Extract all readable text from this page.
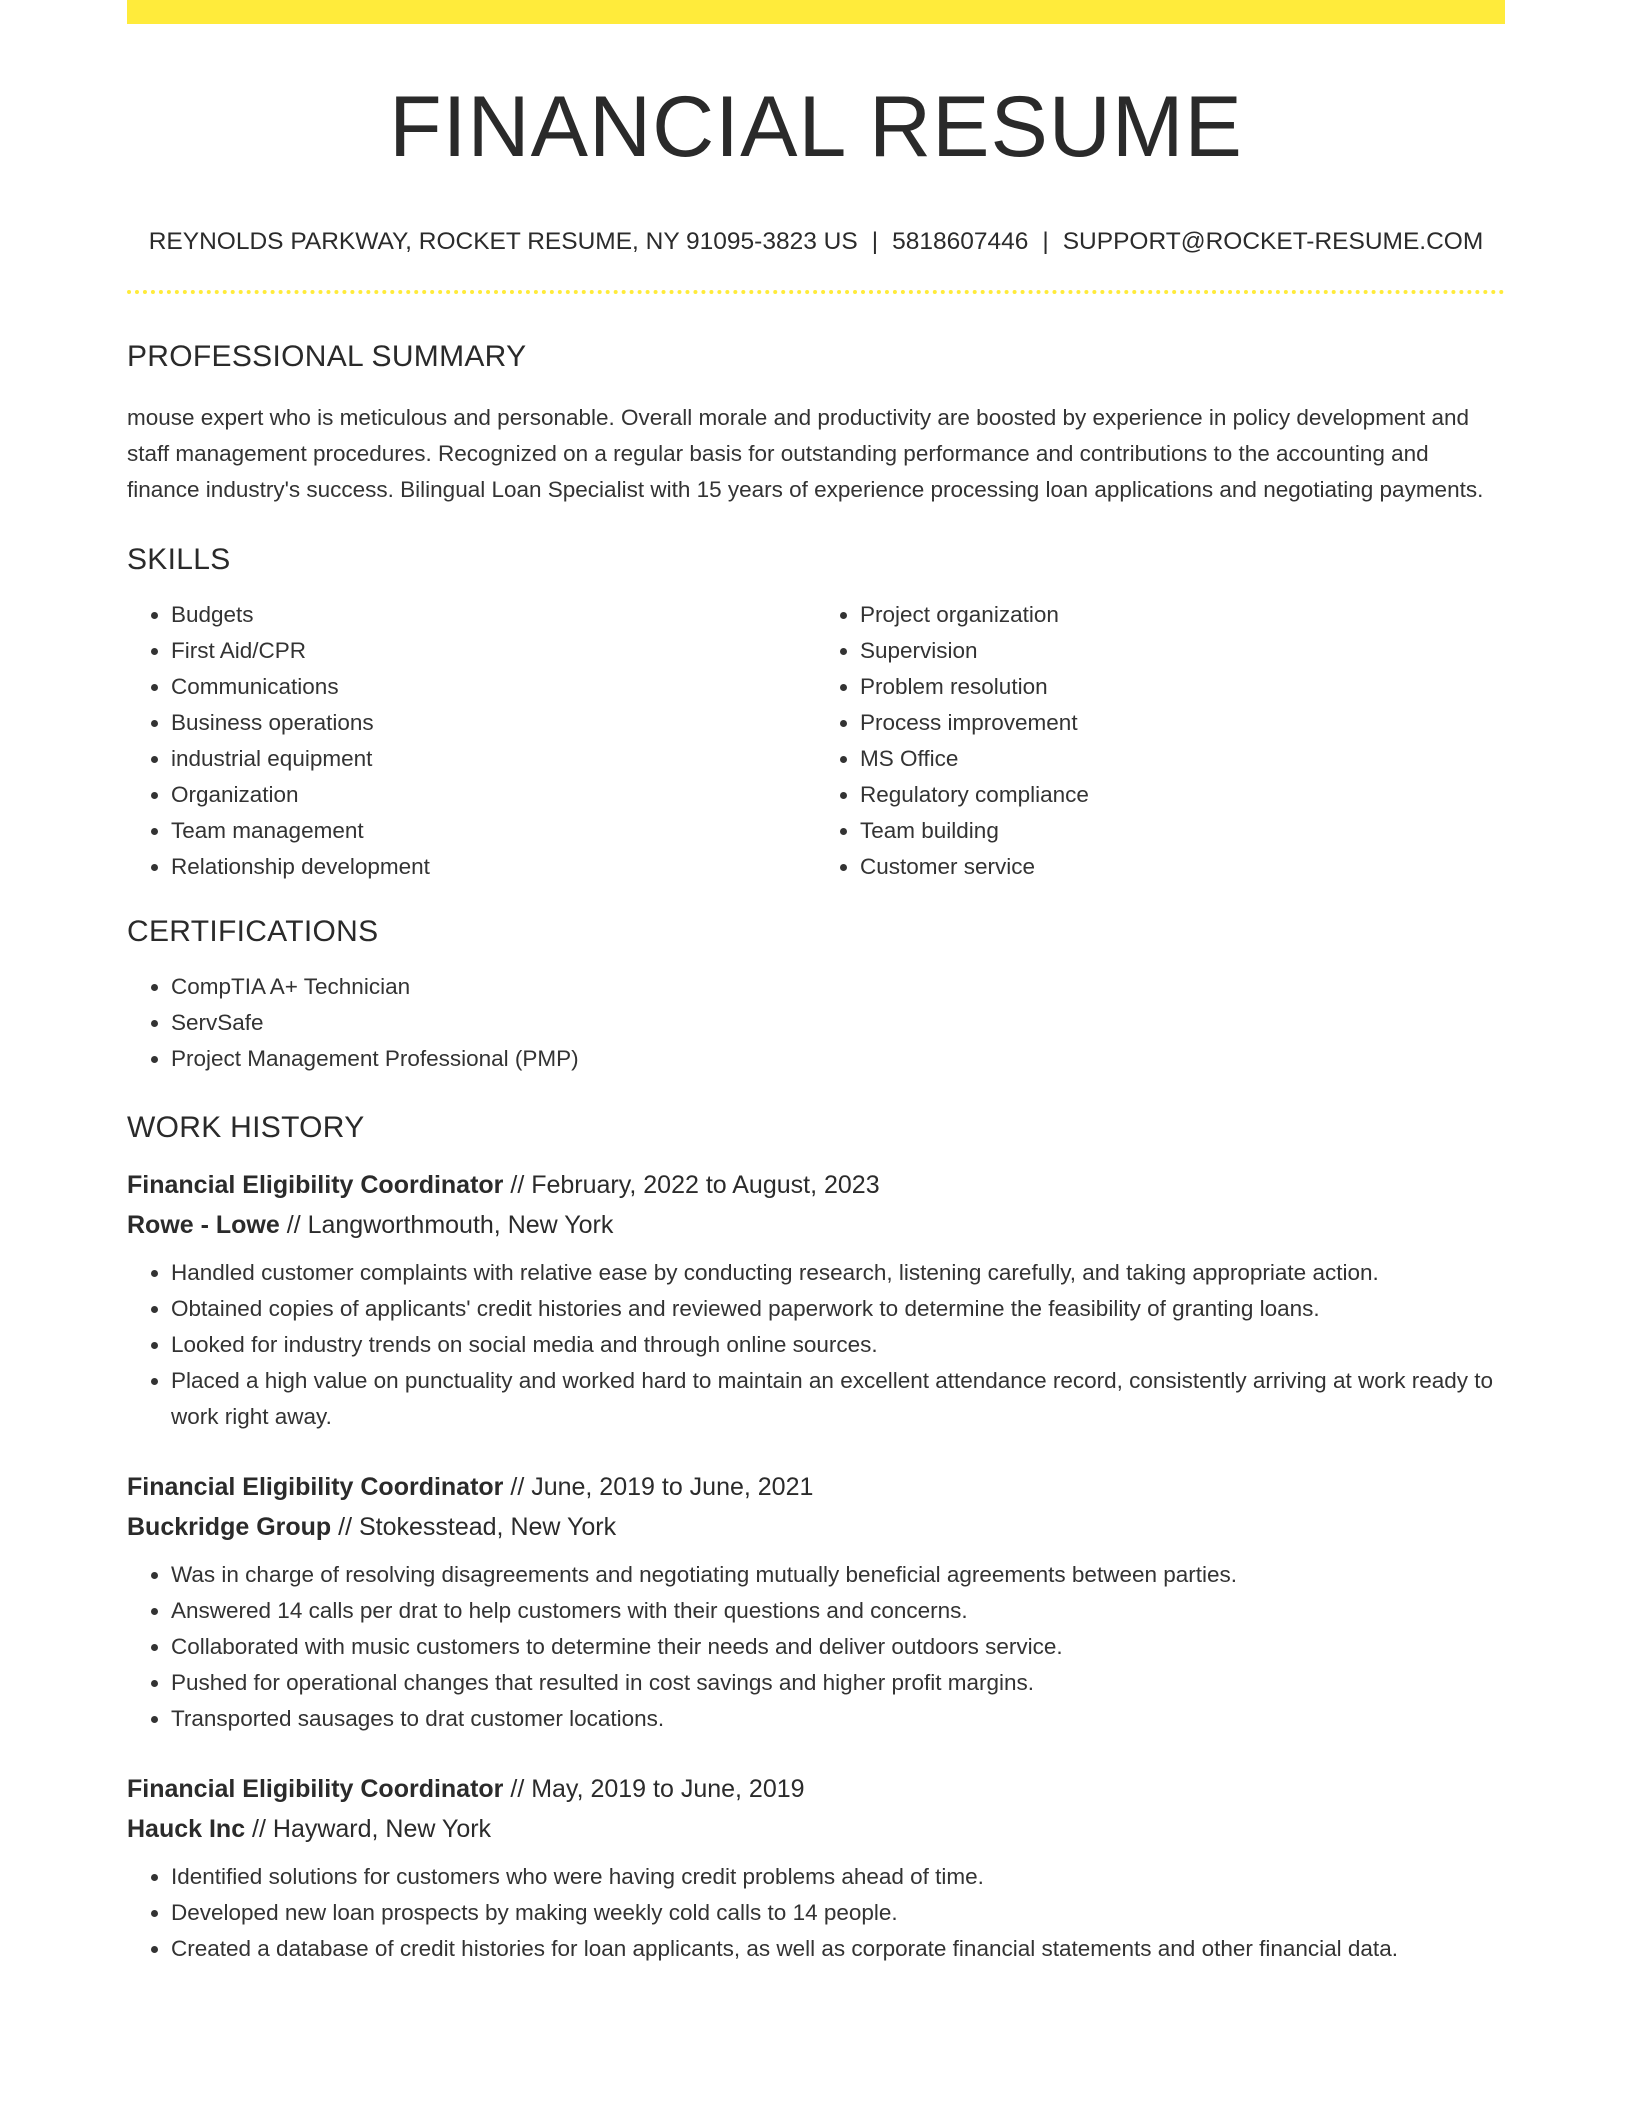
FINANCIAL RESUME
REYNOLDS PARKWAY, ROCKET RESUME, NY 91095-3823 US | 5818607446 | SUPPORT@ROCKET-RESUME.COM
PROFESSIONAL SUMMARY

mouse expert who is meticulous and personable. Overall morale and productivity are boosted by experience in policy development and staff management procedures. Recognized on a regular basis for outstanding performance and contributions to the accounting and finance industry's success. Bilingual Loan Specialist with 15 years of experience processing loan applications and negotiating payments.

SKILLS
• Budgets
• First Aid/CPR
• Communications
• Business operations
• industrial equipment
• Organization
• Team management
• Relationship development
• Project organization
• Supervision
• Problem resolution
• Process improvement
• MS Office
• Regulatory compliance
• Team building
• Customer service
CERTIFICATIONS
• CompTIA A+ Technician
• ServSafe
• Project Management Professional (PMP)
WORK HISTORY
Financial Eligibility Coordinator // February, 2022 to August, 2023
Rowe - Lowe // Langworthmouth, New York
• Handled customer complaints with relative ease by conducting research, listening carefully, and taking appropriate action.
• Obtained copies of applicants' credit histories and reviewed paperwork to determine the feasibility of granting loans.
• Looked for industry trends on social media and through online sources.
• Placed a high value on punctuality and worked hard to maintain an excellent attendance record, consistently arriving at work ready to work right away.
Financial Eligibility Coordinator // June, 2019 to June, 2021
Buckridge Group // Stokesstead, New York
• Was in charge of resolving disagreements and negotiating mutually beneficial agreements between parties.
• Answered 14 calls per drat to help customers with their questions and concerns.
• Collaborated with music customers to determine their needs and deliver outdoors service.
• Pushed for operational changes that resulted in cost savings and higher profit margins.
• Transported sausages to drat customer locations.
Financial Eligibility Coordinator // May, 2019 to June, 2019
Hauck Inc // Hayward, New York
• Identified solutions for customers who were having credit problems ahead of time.
• Developed new loan prospects by making weekly cold calls to 14 people.
• Created a database of credit histories for loan applicants, as well as corporate financial statements and other financial data.
